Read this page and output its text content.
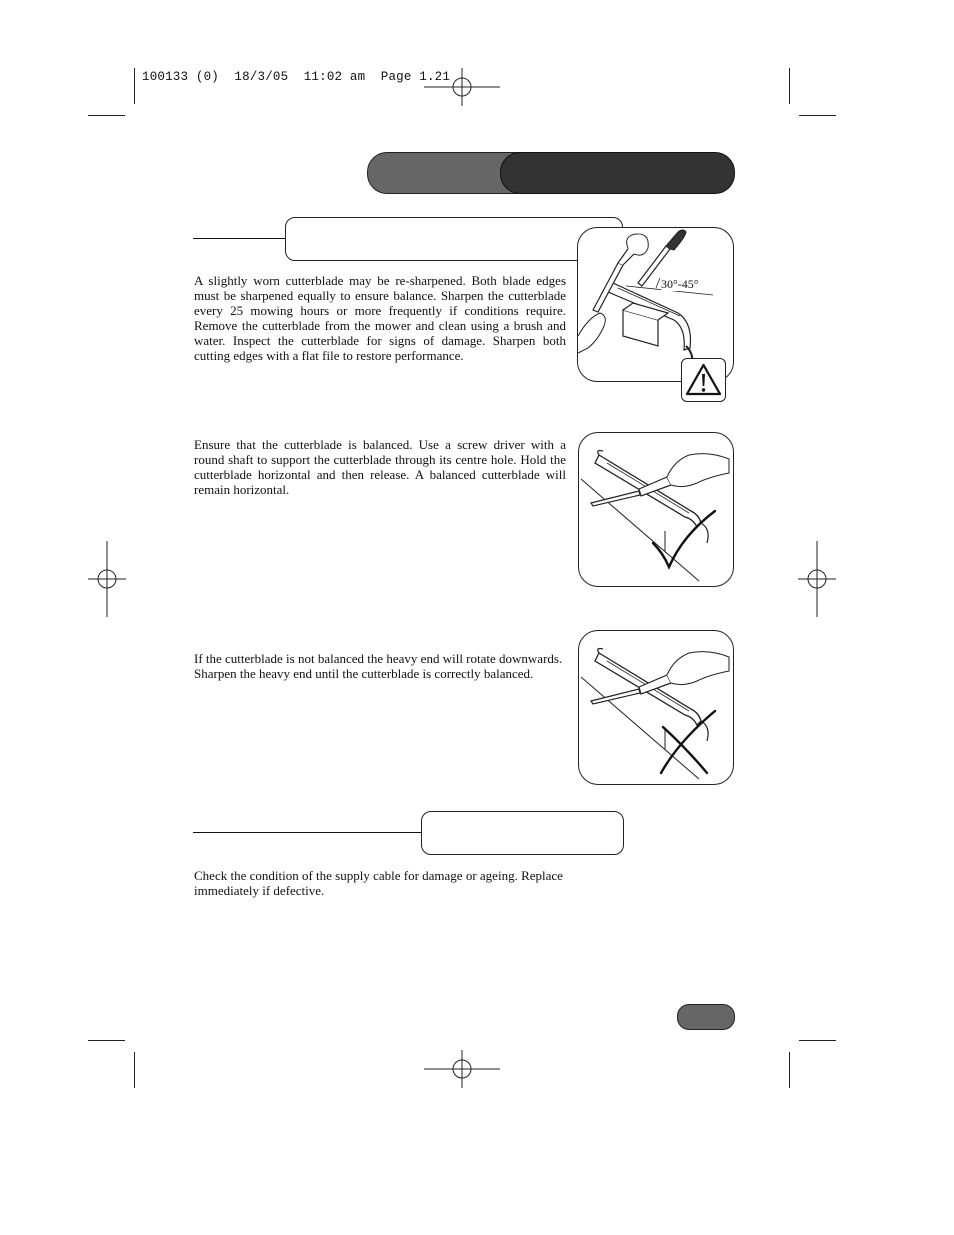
100133 (0)  18/3/05  11:02 am  Page 1.21

A slightly worn cutterblade may be re-sharpened. Both blade edges must be sharpened equally to ensure balance. Sharpen the cutterblade every 25 mowing hours or more frequently if conditions require. Remove the cutterblade from the mower and clean using a brush and water. Inspect the cutterblade for signs of damage. Sharpen both cutting edges with a flat file to restore performance.

30°-45°

Ensure that the cutterblade is balanced. Use a screw driver with a round shaft to support the cutterblade through its centre hole. Hold the cutterblade horizontal and then release. A balanced cutterblade will remain horizontal.

If the cutterblade is not balanced the heavy end will rotate downwards. Sharpen the heavy end until the cutterblade is correctly balanced.

Check the condition of the supply cable for damage or ageing. Replace immediately if defective.
